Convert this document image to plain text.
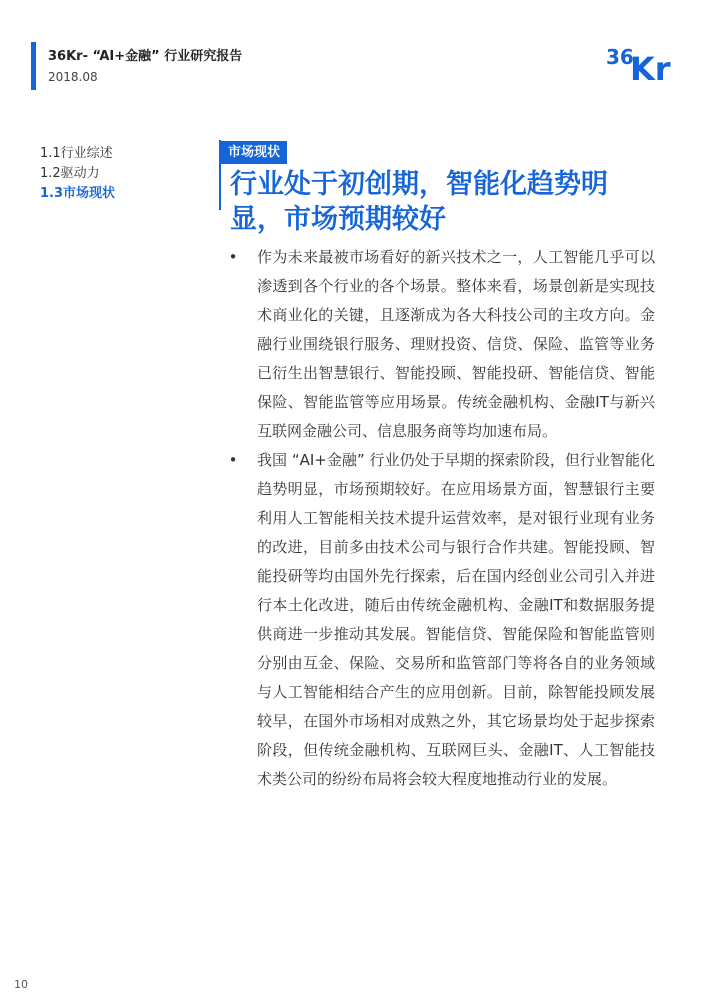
36Kr- “AI+金融” 行业研究报告
2018.08
36
Kr
1.1行业综述
1.2驱动力
1.3市场现状
市场现状
行业处于初创期，智能化趋势明显，市场预期较好
• 作为未来最被市场看好的新兴技术之一，人工智能几乎可以渗透到各个行业的各个场景。整体来看，场景创新是实现技术商业化的关键，且逐渐成为各大科技公司的主攻方向。金融行业围绕银行服务、理财投资、信贷、保险、监管等业务已衍生出智慧银行、智能投顾、智能投研、智能信贷、智能保险、智能监管等应用场景。传统金融机构、金融IT与新兴互联网金融公司、信息服务商等均加速布局。
• 我国 “AI+金融” 行业仍处于早期的探索阶段，但行业智能化趋势明显，市场预期较好。在应用场景方面，智慧银行主要利用人工智能相关技术提升运营效率，是对银行业现有业务的改进，目前多由技术公司与银行合作共建。智能投顾、智能投研等均由国外先行探索，后在国内经创业公司引入并进行本土化改进，随后由传统金融机构、金融IT和数据服务提供商进一步推动其发展。智能信贷、智能保险和智能监管则分别由互金、保险、交易所和监管部门等将各自的业务领域与人工智能相结合产生的应用创新。目前，除智能投顾发展较早，在国外市场相对成熟之外，其它场景均处于起步探索阶段，但传统金融机构、互联网巨头、金融IT、人工智能技术类公司的纷纷布局将会较大程度地推动行业的发展。
10
